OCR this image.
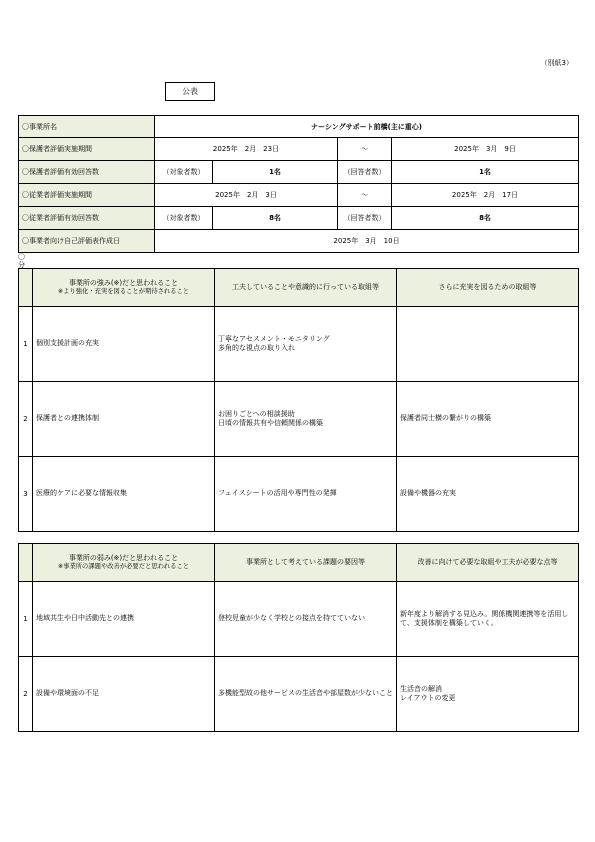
（別紙3）
公表
〇事業所名	ナーシングサポート前橋(主に重心)			
〇保護者評価実施期間	2025年　2月　23日		～	2025年　3月　9日
〇保護者評価有効回答数	（対象者数）	1名	（回答者数）	1名
〇従業者評価実施期間	2025年　2月　3日		～	2025年　2月　17日
〇従業者評価有効回答数	（対象者数）	8名	（回答者数）	8名
〇事業者向け自己評価表作成日	2025年　3月　10日			
〇
分
	事業所の強み(※)だと思われること
※より強化・充実を図ることが期待されること	工夫していることや意識的に行っている取組等	さらに充実を図るための取組等
1	個別支援計画の充実	丁寧なアセスメント・モニタリング
多角的な視点の取り入れ	
2	保護者との連携体制	お困りごとへの相談援助
日頃の情報共有や信頼関係の構築	保護者同士横の繋がりの構築
3	医療的ケアに必要な情報収集	フェイスシートの活用や専門性の発揮	設備や機器の充実
	事業所の弱み(※)だと思われること
※事業所の課題や改善が必要だと思われること	事業所として考えている課題の要因等	改善に向けて必要な取組や工夫が必要な点等
1	地域共生や日中活動先との連携	登校児童が少なく学校との接点を持てていない	新年度より解消する見込み。関係機関連携等を活用して、支援体制を構築していく。
2	設備や環境面の不足	多機能型故の他サービスの生活音や部屋数が少ないこと	生活音の解消
レイアウトの変更
